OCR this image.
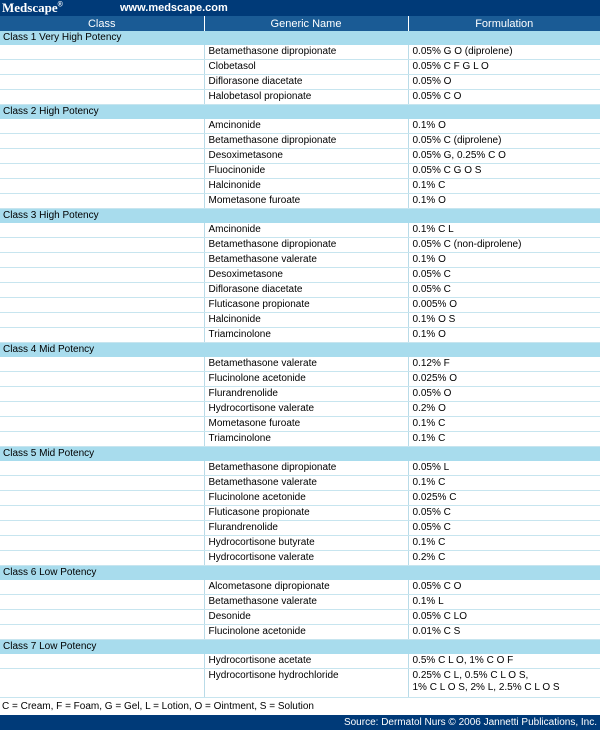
Medscape®	www.medscape.com
Class	Generic Name	Formulation
Class 1 Very High Potency		
	Betamethasone dipropionate	0.05% G O (diprolene)

	Clobetasol	0.05% C F G L O

	Diflorasone diacetate	0.05% O

	Halobetasol propionate	0.05% C O

Class 2 High Potency		
	Amcinonide	0.1% O

	Betamethasone dipropionate	0.05% C (diprolene)

	Desoximetasone	0.05% G, 0.25% C O

	Fluocinonide	0.05% C G O S

	Halcinonide	0.1% C

	Mometasone furoate	0.1% O

Class 3 High Potency		
	Amcinonide	0.1% C L

	Betamethasone dipropionate	0.05% C (non-diprolene)

	Betamethasone valerate	0.1% O

	Desoximetasone	0.05% C

	Diflorasone diacetate	0.05% C

	Fluticasone propionate	0.005% O

	Halcinonide	0.1% O S

	Triamcinolone	0.1% O

Class 4 Mid Potency		
	Betamethasone valerate	0.12% F

	Flucinolone acetonide	0.025% O

	Flurandrenolide	0.05% O

	Hydrocortisone valerate	0.2% O

	Mometasone furoate	0.1% C

	Triamcinolone	0.1% C

Class 5 Mid Potency		
	Betamethasone dipropionate	0.05% L

	Betamethasone valerate	0.1% C

	Flucinolone acetonide	0.025% C

	Fluticasone propionate	0.05% C

	Flurandrenolide	0.05% C

	Hydrocortisone butyrate	0.1% C

	Hydrocortisone valerate	0.2% C

Class 6 Low Potency		
	Alcometasone dipropionate	0.05% C O

	Betamethasone valerate	0.1% L

	Desonide	0.05% C LO

	Flucinolone acetonide	0.01% C S

Class 7 Low Potency		
	Hydrocortisone acetate	0.5% C L O, 1% C O F

	Hydrocortisone hydrochloride	0.25% C L, 0.5% C L O S,
1% C L O S, 2% L, 2.5% C L O S
C = Cream, F = Foam, G = Gel, L = Lotion, O = Ointment, S = Solution
Source: Dermatol Nurs © 2006 Jannetti Publications, Inc.
